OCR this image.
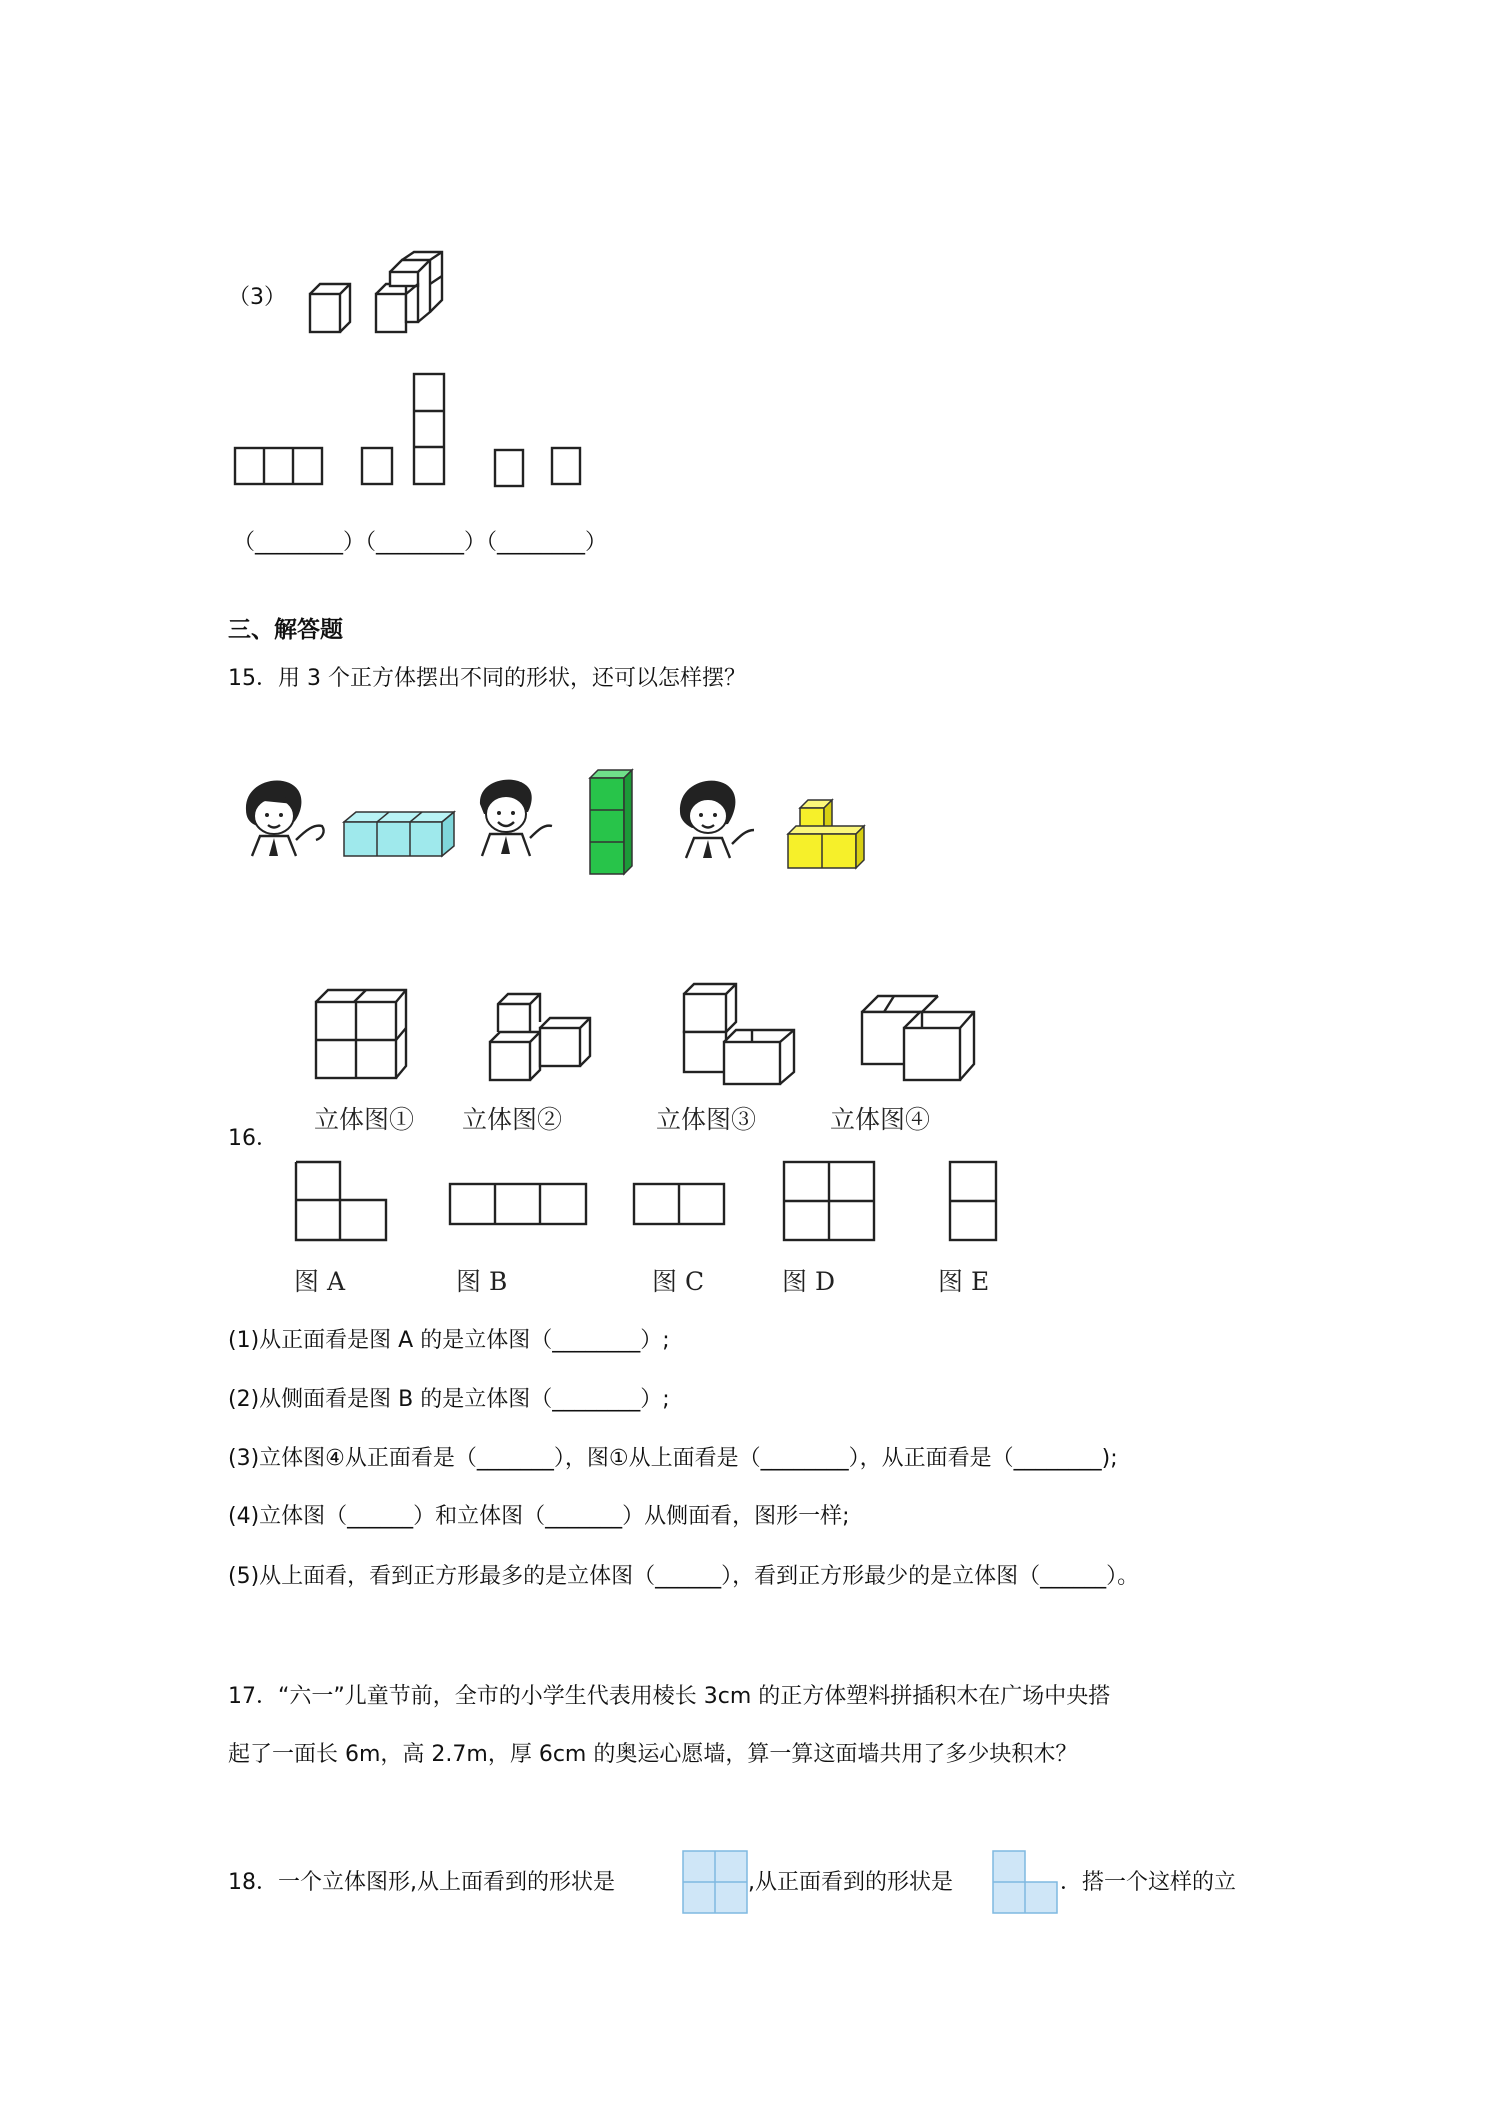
（3）
（________）（________）（________）
三、解答题
15．用 3 个正方体摆出不同的形状，还可以怎样摆？
立体图① 立体图②	立体图③	立体图④
16．
图 A	图 B	图 C	图 D	图 E
(1)从正面看是图 A 的是立体图（________）;
(2)从侧面看是图 B 的是立体图（________）;
(3)立体图④从正面看是（_______），图①从上面看是（________），从正面看是（________);
(4)立体图（______）和立体图（_______）从侧面看，图形一样;
(5)从上面看，看到正方形最多的是立体图（______），看到正方形最少的是立体图（______）。
17．“六一”儿童节前，全市的小学生代表用棱长 3cm 的正方体塑料拼插积木在广场中央搭
起了一面长 6m，高 2.7m，厚 6cm 的奥运心愿墙，算一算这面墙共用了多少块积木？
18．一个立体图形,从上面看到的形状是	,从正面看到的形状是	．搭一个这样的立
